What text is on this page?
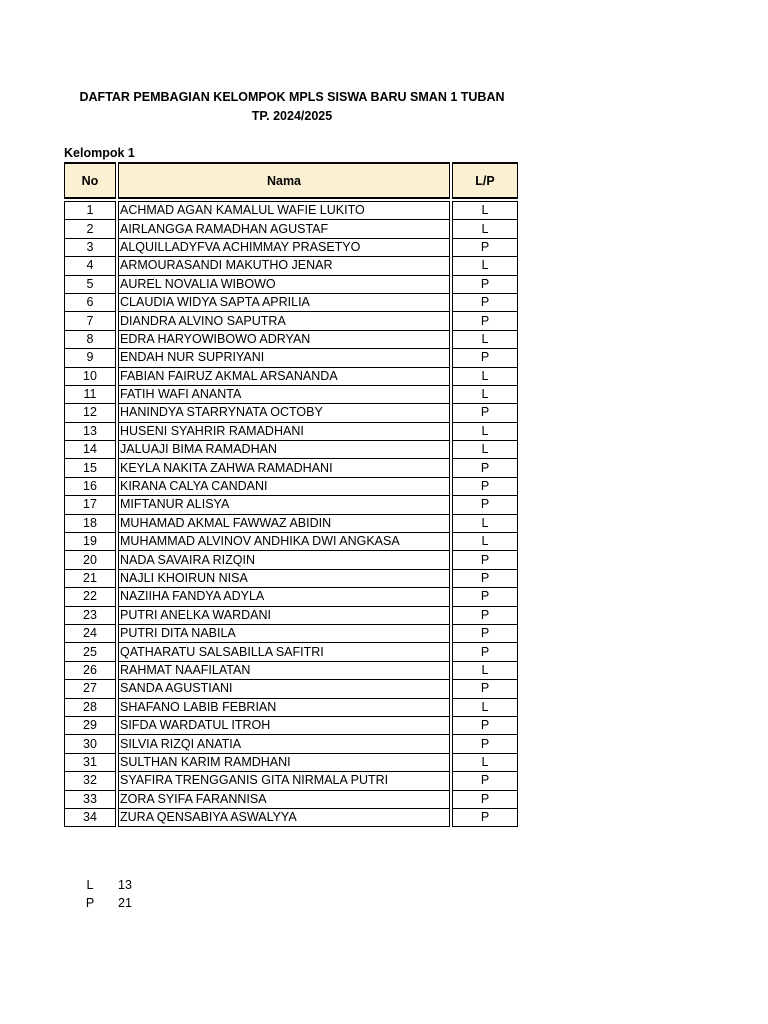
DAFTAR PEMBAGIAN KELOMPOK MPLS SISWA BARU SMAN 1 TUBAN
TP. 2024/2025
Kelompok 1
No	Nama	L/P

1	ACHMAD AGAN KAMALUL WAFIE LUKITO	L
2	AIRLANGGA RAMADHAN AGUSTAF	L
3	ALQUILLADYFVA ACHIMMAY PRASETYO	P
4	ARMOURASANDI MAKUTHO JENAR	L
5	AUREL NOVALIA WIBOWO	P
6	CLAUDIA WIDYA SAPTA APRILIA	P
7	DIANDRA ALVINO SAPUTRA	P
8	EDRA HARYOWIBOWO ADRYAN	L
9	ENDAH NUR SUPRIYANI	P
10	FABIAN FAIRUZ AKMAL ARSANANDA	L
11	FATIH WAFI ANANTA	L
12	HANINDYA STARRYNATA OCTOBY	P
13	HUSENI SYAHRIR RAMADHANI	L
14	JALUAJI BIMA RAMADHAN	L
15	KEYLA NAKITA ZAHWA RAMADHANI	P
16	KIRANA CALYA CANDANI	P
17	MIFTANUR ALISYA	P
18	MUHAMAD AKMAL FAWWAZ ABIDIN	L
19	MUHAMMAD ALVINOV ANDHIKA DWI ANGKASA	L
20	NADA SAVAIRA RIZQIN	P
21	NAJLI KHOIRUN NISA	P
22	NAZIIHA FANDYA ADYLA	P
23	PUTRI ANELKA WARDANI	P
24	PUTRI DITA NABILA	P
25	QATHARATU SALSABILLA SAFITRI	P
26	RAHMAT NAAFILATAN	L
27	SANDA AGUSTIANI	P
28	SHAFANO LABIB FEBRIAN	L
29	SIFDA WARDATUL ITROH	P
30	SILVIA RIZQI ANATIA	P
31	SULTHAN KARIM RAMDHANI	L
32	SYAFIRA TRENGGANIS GITA NIRMALA PUTRI	P
33	ZORA SYIFA FARANNISA	P
34	ZURA QENSABIYA ASWALYYA	P
L	13
P	21
